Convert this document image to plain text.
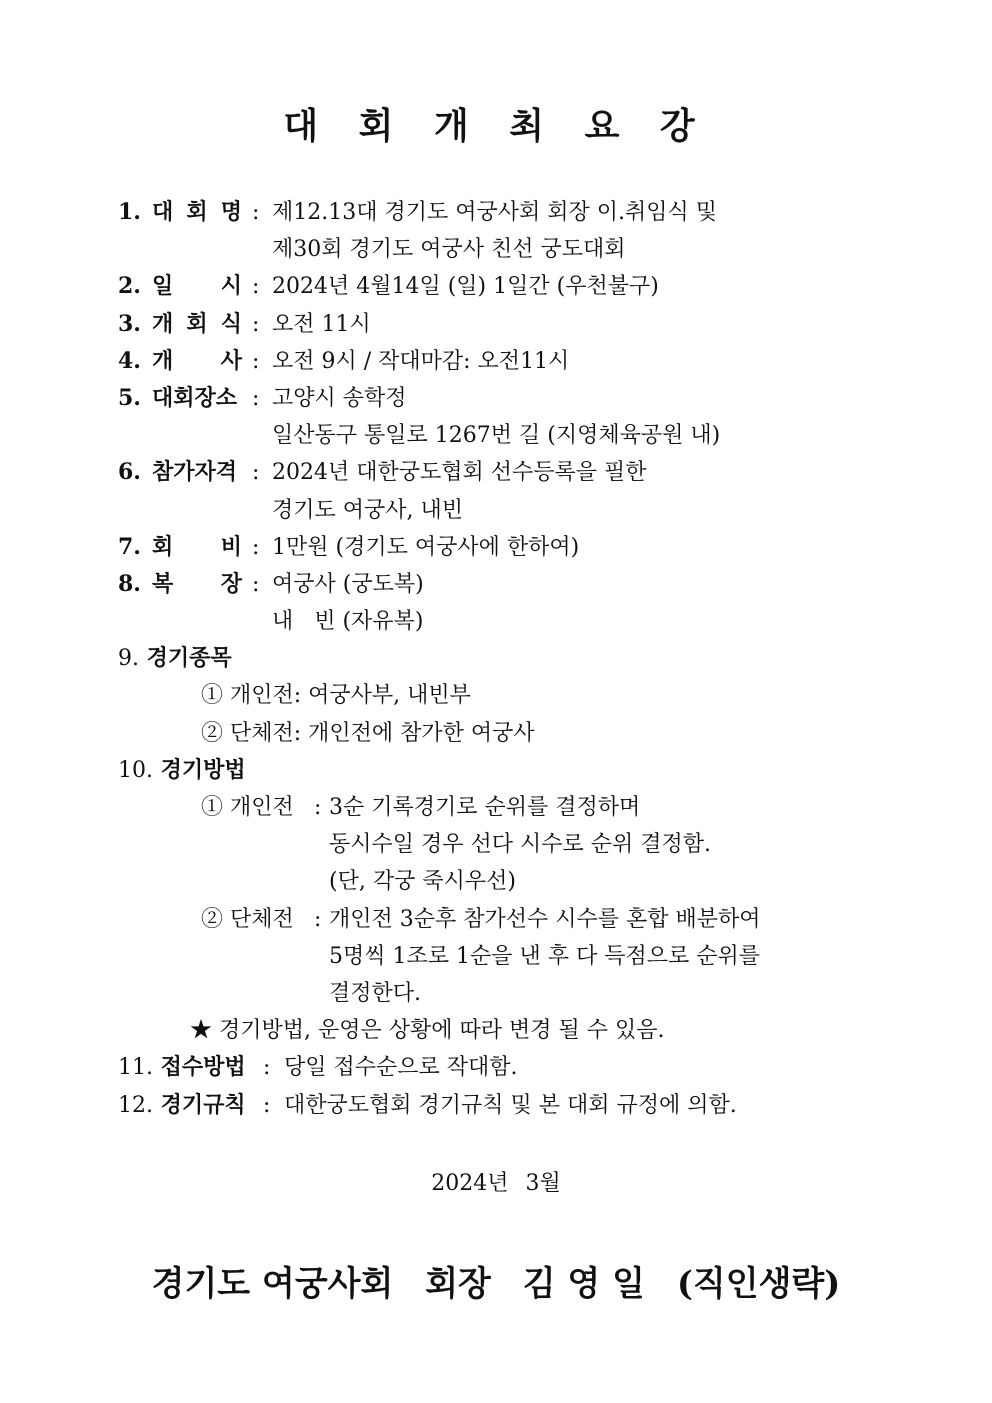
대 회 개 최 요 강
1. 대 회 명 : 제12.13대 경기도 여궁사회 회장 이.취임식 및
제30회 경기도 여궁사 친선 궁도대회
2. 일 시 : 2024년 4월14일 (일) 1일간 (우천불구)
3. 개 회 식 : 오전 11시
4. 개 사 : 오전 9시 / 작대마감: 오전11시
5. 대회장소 : 고양시 송학정
일산동구 통일로 1267번 길 (지영체육공원 내)
6. 참가자격 : 2024년 대한궁도협회 선수등록을 필한
경기도 여궁사, 내빈
7. 회 비 : 1만원 (경기도 여궁사에 한하여)
8. 복 장 : 여궁사 (궁도복)
내   빈 (자유복)
9. 경기종목
① 개인전: 여궁사부, 내빈부
② 단체전: 개인전에 참가한 여궁사
10. 경기방법
① 개인전 : 3순 기록경기로 순위를 결정하며
동시수일 경우 선다 시수로 순위 결정함.
(단, 각궁 죽시우선)
② 단체전 : 개인전 3순후 참가선수 시수를 혼합 배분하여
5명씩 1조로 1순을 낸 후 다 득점으로 순위를
결정한다.
★ 경기방법, 운영은 상황에 따라 변경 될 수 있음.
11. 접수방법 : 당일 접수순으로 작대함.
12. 경기규칙 : 대한궁도협회 경기규칙 및 본 대회 규정에 의함.
2024년 3월
경기도 여궁사회 회장 김 영 일 (직인생략)
